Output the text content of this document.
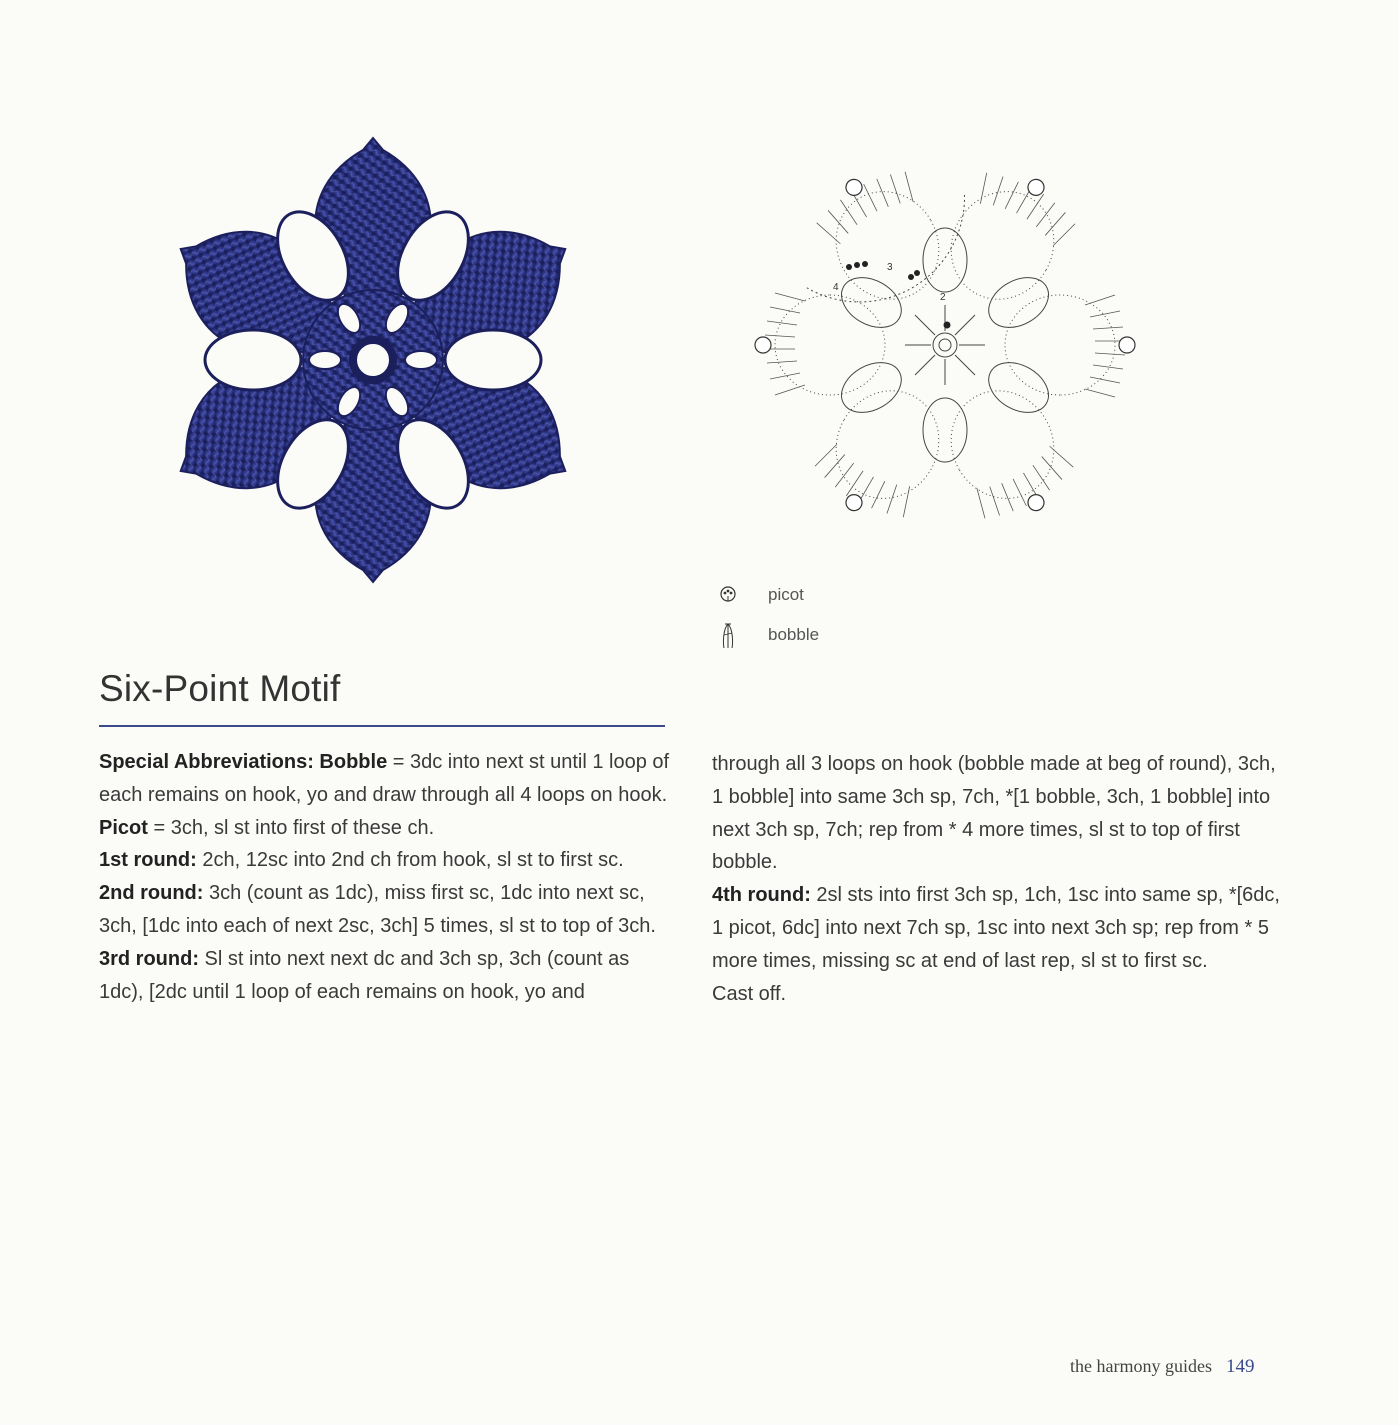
2
3
4
picot
bobble
Six-Point Motif

Special Abbreviations: Bobble = 3dc into next st until 1 loop of each remains on hook, yo and draw through all 4 loops on hook.

Picot = 3ch, sl st into first of these ch.

1st round: 2ch, 12sc into 2nd ch from hook, sl st to first sc.

2nd round: 3ch (count as 1dc), miss first sc, 1dc into next sc, 3ch, [1dc into each of next 2sc, 3ch] 5 times, sl st to top of 3ch.

3rd round: Sl st into next next dc and 3ch sp, 3ch (count as 1dc), [2dc until 1 loop of each remains on hook, yo and

through all 3 loops on hook (bobble made at beg of round), 3ch, 1 bobble] into same 3ch sp, 7ch, *[1 bobble, 3ch, 1 bobble] into next 3ch sp, 7ch; rep from * 4 more times, sl st to top of first bobble.

4th round: 2sl sts into first 3ch sp, 1ch, 1sc into same sp, *[6dc, 1 picot, 6dc] into next 7ch sp, 1sc into next 3ch sp; rep from * 5 more times, missing sc at end of last rep, sl st to first sc.

Cast off.

the harmony guides 149
